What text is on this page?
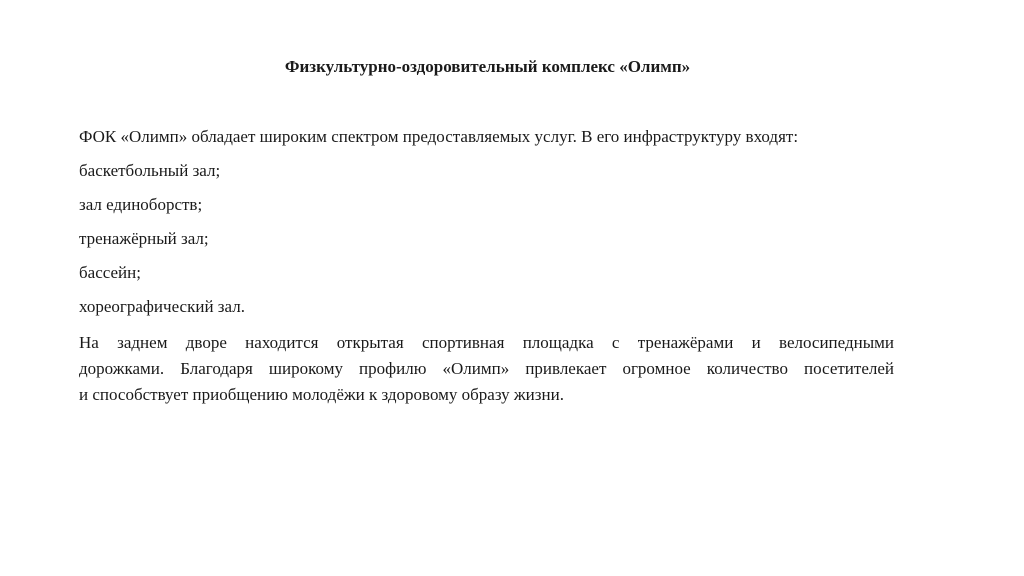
Физкультурно-оздоровительный комплекс «Олимп»

ФОК «Олимп» обладает широким спектром предоставляемых услуг. В его инфраструктуру входят:

баскетбольный зал;

зал единоборств;

тренажёрный зал;

бассейн;

хореографический зал.

На заднем дворе находится открытая спортивная площадка с тренажёрами и велосипедными
дорожками. Благодаря широкому профилю «Олимп» привлекает огромное количество посетителей
и способствует приобщению молодёжи к здоровому образу жизни.
